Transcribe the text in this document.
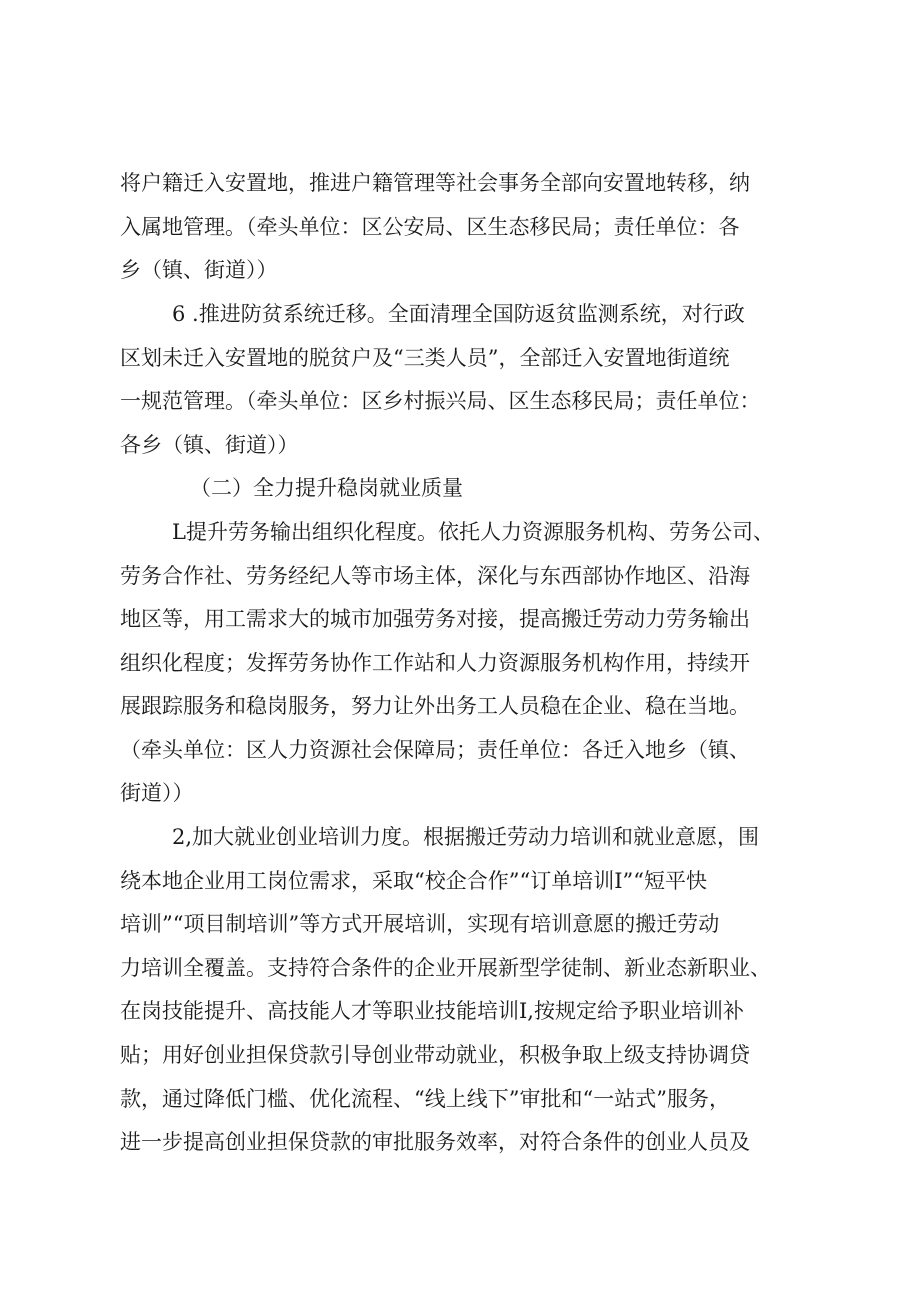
将户籍迁入安置地，推进户籍管理等社会事务全部向安置地转移，纳
入属地管理。（牵头单位：区公安局、区生态移民局；责任单位：各
乡（镇、街道））
6 .推进防贫系统迁移。全面清理全国防返贫监测系统，对行政
区划未迁入安置地的脱贫户及“三类人员”，全部迁入安置地街道统
一规范管理。（牵头单位：区乡村振兴局、区生态移民局；责任单位：
各乡（镇、街道））
（二）全力提升稳岗就业质量
L提升劳务输出组织化程度。依托人力资源服务机构、劳务公司、
劳务合作社、劳务经纪人等市场主体，深化与东西部协作地区、沿海
地区等，用工需求大的城市加强劳务对接，提高搬迁劳动力劳务输出
组织化程度；发挥劳务协作工作站和人力资源服务机构作用，持续开
展跟踪服务和稳岗服务，努力让外出务工人员稳在企业、稳在当地。
（牵头单位：区人力资源社会保障局；责任单位：各迁入地乡（镇、
街道））
2,加大就业创业培训力度。根据搬迁劳动力培训和就业意愿，围
绕本地企业用工岗位需求，采取“校企合作”“订单培训I”“短平快
培训”“项目制培训”等方式开展培训，实现有培训意愿的搬迁劳动
力培训全覆盖。支持符合条件的企业开展新型学徒制、新业态新职业、
在岗技能提升、高技能人才等职业技能培训I,按规定给予职业培训补
贴；用好创业担保贷款引导创业带动就业，积极争取上级支持协调贷
款，通过降低门槛、优化流程、“线上线下”审批和“一站式”服务，
进一步提高创业担保贷款的审批服务效率，对符合条件的创业人员及
